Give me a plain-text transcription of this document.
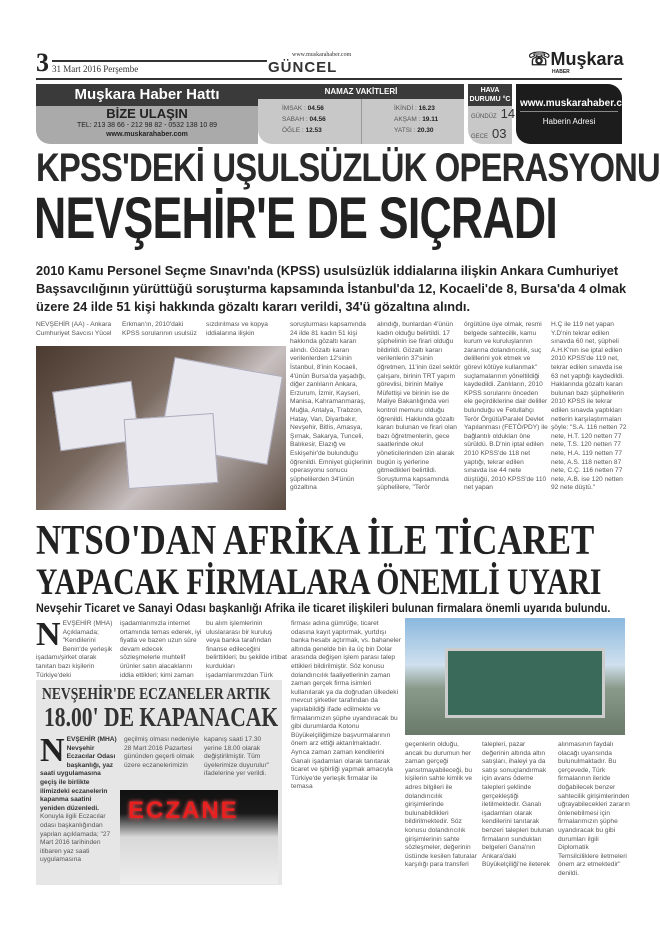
3 31 Mart 2016 Perşembe	GÜNCEL
www.muskarahaber.com	☏Muşkara
HABER
Muşkara Haber Hattı
BİZE ULAŞIN
TEL: 213 38 66 - 212 98 82 - 0532 138 10 89
www.muskarahaber.com
NAMAZ VAKİTLERİ
İMSAK : 04.56
SABAH : 04.56
ÖĞLE : 12.53
İKİNDİ : 16.23
AKŞAM : 19.11
YATSI : 20.30
HAVA DURUMU °C
GÜNDÜZ 14
GECE 03
www.muskarahaber.com
Haberin Adresi
KPSS'DEKİ UŞULSÜZLÜK OPERASYONU
NEVŞEHİR'E DE SIÇRADI
2010 Kamu Personel Seçme Sınavı'nda (KPSS) usulsüzlük iddialarına ilişkin Ankara Cumhuriyet Başsavcılığının yürüttüğü soruşturma kapsamında İstanbul'da 12, Kocaeli'de 8, Bursa'da 4 olmak üzere 24 ilde 51 kişi hakkında gözaltı kararı verildi, 34'ü gözaltına alındı.
NEVŞEHİR (AA) - Ankara Cumhuriyet Savcısı Yücel
Erkman'ın, 2010'daki KPSS sorularının usulsüz
sızdırılması ve kopya iddialarına ilişkin
soruşturması kapsamında 24 ilde 81 kadın 51 kişi hakkında gözaltı kararı alındı. Gözaltı kararı verilenlerden 12'sinin İstanbul, 8'inin Kocaeli, 4'ünün Bursa'da yaşadığı, diğer zanlıların Ankara, Erzurum, İzmir, Kayseri, Manisa, Kahramanmaraş, Muğla, Antalya, Trabzon, Hatay, Van, Diyarbakır, Nevşehir, Bitlis, Amasya, Şırnak, Sakarya, Tunceli, Balıkesir, Elazığ ve Eskişehir'de bulunduğu öğrenildi. Emniyet güçlerinin operasyonu sonucu şüphelilerden 34'ünün gözaltına
alındığı, bunlardan 4'ünün kadın olduğu belirtildi. 17 şüphelinin ise firari olduğu bildirildi. Gözaltı kararı verilenlerin 37'sinin öğretmen, 11'inin özel sektör çalışanı, birinin TRT yapım görevlisi, birinin Maliye Müfettişi ve birinin ise de Maliye Bakanlığında veri kontrol memuru olduğu öğrenildi. Hakkında gözaltı kararı bulunan ve firari olan bazı öğretmenlerin, gece saatlerinde okul yöneticilerinden izin alarak bugün iş yerlerine gitmedikleri belirtildi. Soruşturma kapsamında şüphelilere, "Terör
örgütüne üye olmak, resmi belgede sahtecilik, kamu kurum ve kuruluşlarının zararına dolandırıcılık, suç delillerini yok etmek ve görevi kötüye kullanmak" suçlamalarının yöneltildiği kaydedildi. Zanlıların, 2010 KPSS sorularını önceden ele geçirdiklerine dair deliller bulunduğu ve Fetullahçı Terör Örgütü/Paralel Devlet Yapılanması (FETÖ/PDY) ile bağlantılı oldukları öne sürüldü. B.D'nin iptal edilen 2010 KPSS'de 118 net yaptığı, tekrar edilen sınavda ise 44 nete düştüğü, 2010 KPSS'de 110 net yapan
H.Ç ile 119 net yapan Y.D'nin tekrar edilen sınavda 60 net, şüpheli A.H.K'nın ise iptal edilen 2010 KPSS'de 119 net, tekrar edilen sınavda ise 63 net yaptığı kaydedildi. Haklarında gözaltı kararı bulunan bazı şüphelilerin 2010 KPSS ile tekrar edilen sınavda yaptıkları netlerin karşılaştırmaları şöyle: "S.A. 116 netten 72 nete, H.T. 120 netten 77 nete, T.S. 120 netten 77 nete, H.A. 119 netten 77 nete, A.S. 118 netten 87 nete, C.Ç. 116 netten 77 nete, A.B. ise 120 netten 92 nete düştü."
NTSO'DAN AFRİKA İLE TİCARET
YAPACAK FİRMALARA ÖNEMLİ UYARI
Nevşehir Ticaret ve Sanayi Odası başkanlığı Afrika ile ticaret ilişkileri bulunan firmalara önemli uyarıda bulundu.
NEVŞEHİR (MHA) Açıklamada; "Kendilerini Benin'de yerleşik işadamı/şirket olarak tanıtan bazı kişilerin Türkiye'deki
işadamlarımızla internet ortamında temas ederek, iyi fiyatla ve bazen uzun süre devam edecek sözleşmelerle muhtelif ürünler satın alacaklarını iddia ettikleri; kimi zaman
bu alım işlemlerinin uluslararası bir kuruluş veya banka tarafından finanse edileceğini belirttikleri; bu şekilde irtibat kurdukları işadamlarımızdan Türk
firması adına gümrüğe, ticaret odasına kayıt yaptırmak, yurtdışı banka hesabı açtırmak, vs. bahaneler altında genelde bin ila üç bin Dolar arasında değişen işlem parası talep ettikleri bildirilmiştir. Söz konusu dolandırıcılık faaliyetlerinin zaman zaman gerçek firma isimleri kullanılarak ya da doğrudan ülkedeki mevcut şirketler tarafından da yapılabildiği ifade edilmekte ve firmalarımızın şüphe uyandıracak bu gibi durumlarda Kotonu Büyükelçiliğimize başvurmalarının önem arz ettiği aktarılmaktadır. Ayrıca zaman zaman kendilerini Ganalı işadamları olarak tanıtarak ticaret ve işbirliği yapmak amacıyla Türkiye'de yerleşik firmalar ile temasa
geçenlerin olduğu, ancak bu durumun her zaman gerçeği yansıtmayabileceği, bu kişilerin sahte kimlik ve adres bilgileri ile dolandırıcılık girişimlerinde bulunabildikleri bildirilmektedir. Söz konusu dolandırıcılık girişimlerinin sahte sözleşmeler, değerinin üstünde kesilen faturalar karşılığı para transferi
talepleri, pazar değerinin altında altın satışları, ihaleyi ya da satışı sonuçlandırmak için avans ödeme talepleri şeklinde gerçekleştiği iletilmektedir. Ganalı işadamları olarak kendilerini tanıtarak benzeri talepleri bulunan firmaların sundukları belgeleri Gana'nın Ankara'daki Büyükelçiliği'ne ileterek
alınmasının faydalı olacağı uyarısında bulunulmaktadır. Bu çerçevede, Türk firmalarının ileride doğabilecek benzer sahtecilik girişimlerinden uğrayabilecekleri zararın önlenebilmesi için firmalarımızın şüphe uyandıracak bu gibi durumları ilgili Diplomatik Temsilciliklere iletmeleri önem arz etmektedir" denildi.
NEVŞEHİR'DE ECZANELER ARTIK
18.00' DE KAPANACAK
NEVŞEHİR (MHA) Nevşehir Eczacılar Odası başkanlığı, yaz saati uygulamasına geçiş ile birlikte ilimizdeki eczanelerin kapanma saatini yeniden düzenledi.
Konuyla ilgili Eczacılar odası başkanlığından yapılan açıklamada; "27 Mart 2016 tarihinden itibaren yaz saati uygulamasına
geçilmiş olması nedeniyle 28 Mart 2016 Pazartesi gününden geçerli olmak üzere eczanelerimizin
kapanış saati 17.30 yerine 18.00 olarak değiştirilmiştir. Tüm üyelerimize duyurulur" ifadelerine yer verildi.
ECZANE
